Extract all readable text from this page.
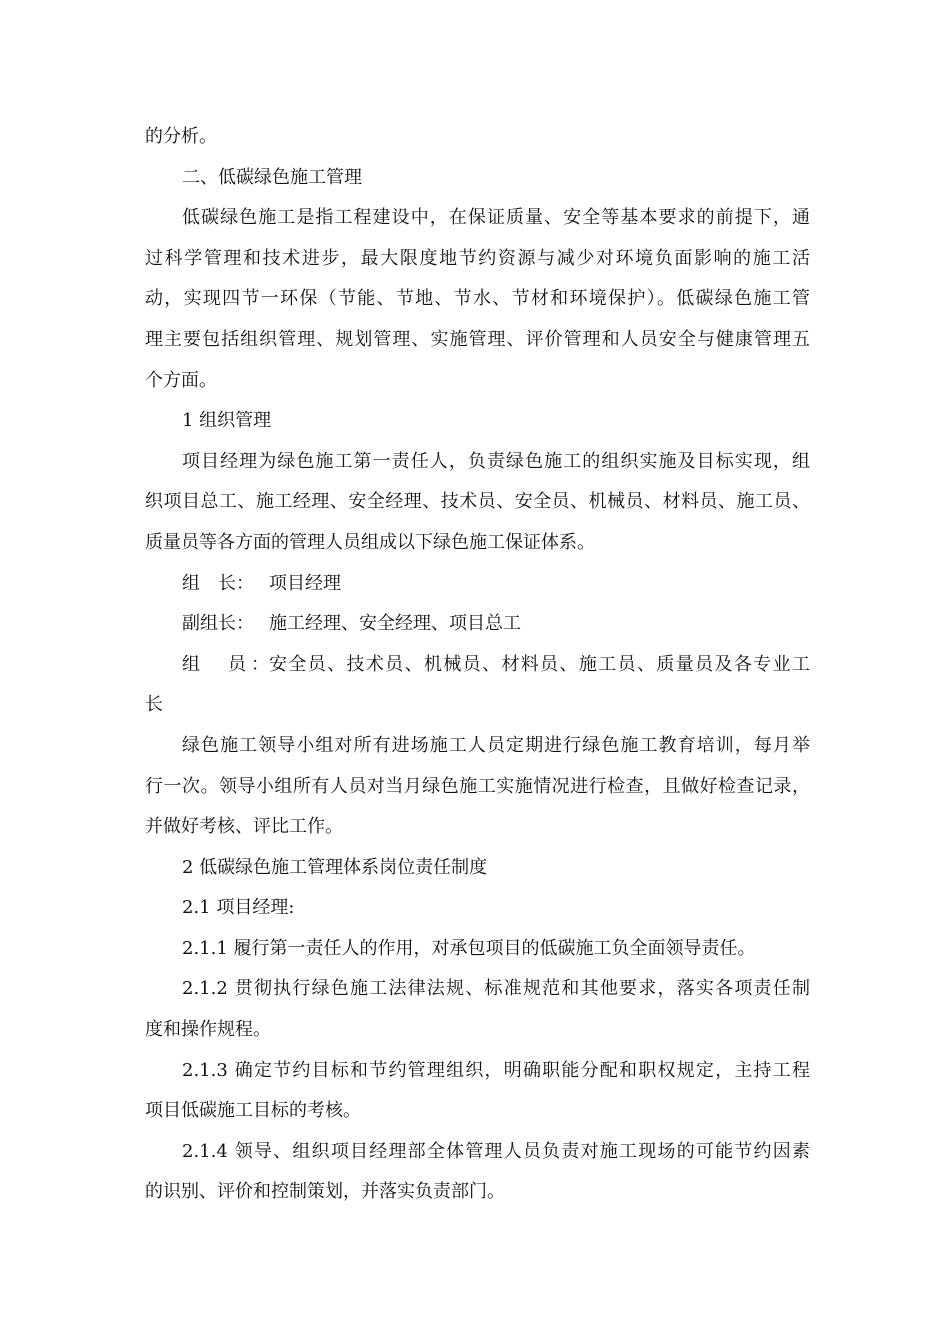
的分析。
二、低碳绿色施工管理
低碳绿色施工是指工程建设中，在保证质量、安全等基本要求的前提下，通
过科学管理和技术进步，最大限度地节约资源与减少对环境负面影响的施工活
动，实现四节一环保（节能、节地、节水、节材和环境保护）。低碳绿色施工管
理主要包括组织管理、规划管理、实施管理、评价管理和人员安全与健康管理五
个方面。
1 组织管理
项目经理为绿色施工第一责任人，负责绿色施工的组织实施及目标实现，组
织项目总工、施工经理、安全经理、技术员、安全员、机械员、材料员、施工员、
质量员等各方面的管理人员组成以下绿色施工保证体系。
组　长： 项目经理
副组长： 施工经理、安全经理、项目总工
组　员： 安全员、技术员、机械员、材料员、施工员、质量员及各专业工
长
绿色施工领导小组对所有进场施工人员定期进行绿色施工教育培训，每月举
行一次。领导小组所有人员对当月绿色施工实施情况进行检查，且做好检查记录，
并做好考核、评比工作。
2 低碳绿色施工管理体系岗位责任制度
2.1 项目经理:
2.1.1 履行第一责任人的作用，对承包项目的低碳施工负全面领导责任。
2.1.2 贯彻执行绿色施工法律法规、标准规范和其他要求，落实各项责任制
度和操作规程。
2.1.3 确定节约目标和节约管理组织，明确职能分配和职权规定，主持工程
项目低碳施工目标的考核。
2.1.4 领导、组织项目经理部全体管理人员负责对施工现场的可能节约因素
的识别、评价和控制策划，并落实负责部门。
